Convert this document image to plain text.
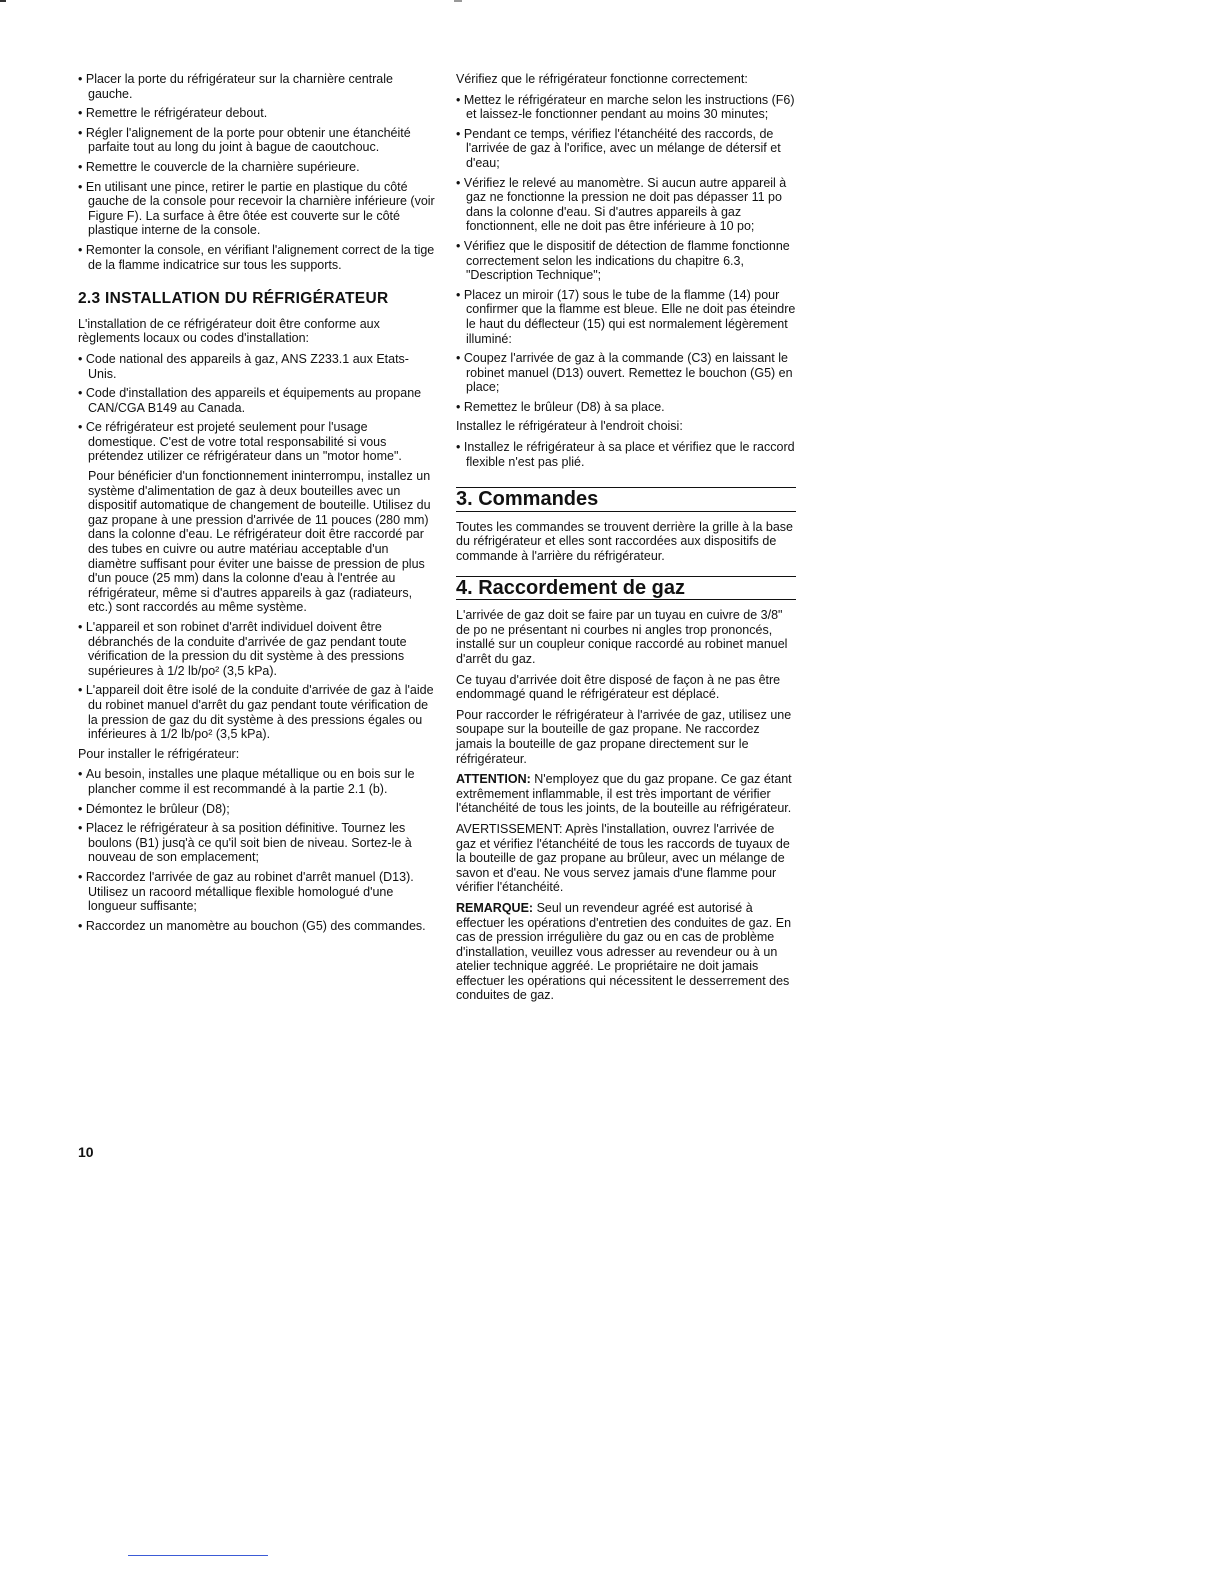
• Placer la porte du réfrigérateur sur la charnière centrale gauche.
• Remettre le réfrigérateur debout.
• Régler l'alignement de la porte pour obtenir une étanchéité parfaite tout au long du joint à bague de caoutchouc.
• Remettre le couvercle de la charnière supérieure.
• En utilisant une pince, retirer le partie en plastique du côté gauche de la console pour recevoir la charnière inférieure (voir Figure F). La surface à être ôtée est couverte sur le côté plastique interne de la console.
• Remonter la console, en vérifiant l'alignement correct de la tige de la flamme indicatrice sur tous les supports.
2.3 INSTALLATION DU RÉFRIGÉRATEUR

L'installation de ce réfrigérateur doit être conforme aux règlements locaux ou codes d'installation:

• Code national des appareils à gaz, ANS Z233.1 aux Etats-Unis.
• Code d'installation des appareils et équipements au propane CAN/CGA B149 au Canada.
• Ce réfrigérateur est projeté seulement pour l'usage domestique. C'est de votre total responsabilité si vous prétendez utilizer ce réfrigérateur dans un "motor home".
Pour bénéficier d'un fonctionnement ininterrompu, installez un système d'alimentation de gaz à deux bouteilles avec un dispositif automatique de changement de bouteille. Utilisez du gaz propane à une pression d'arrivée de 11 pouces (280 mm) dans la colonne d'eau. Le réfrigérateur doit être raccordé par des tubes en cuivre ou autre matériau acceptable d'un diamètre suffisant pour éviter une baisse de pression de plus d'un pouce (25 mm) dans la colonne d'eau à l'entrée au réfrigérateur, même si d'autres appareils à gaz (radiateurs, etc.) sont raccordés au même système.
• L'appareil et son robinet d'arrêt individuel doivent être débranchés de la conduite d'arrivée de gaz pendant toute vérification de la pression du dit système à des pressions supérieures à 1/2 lb/po² (3,5 kPa).
• L'appareil doit être isolé de la conduite d'arrivée de gaz à l'aide du robinet manuel d'arrêt du gaz pendant toute vérification de la pression de gaz du dit système à des pressions égales ou inférieures à 1/2 lb/po² (3,5 kPa).

Pour installer le réfrigérateur:

• Au besoin, installes une plaque métallique ou en bois sur le plancher comme il est recommandé à la partie 2.1 (b).
• Démontez le brûleur (D8);
• Placez le réfrigérateur à sa position définitive. Tournez les boulons (B1) jusq'à ce qu'il soit bien de niveau. Sortez-le à nouveau de son emplacement;
• Raccordez l'arrivée de gaz au robinet d'arrêt manuel (D13). Utilisez un racoord métallique flexible homologué d'une longueur suffisante;
• Raccordez un manomètre au bouchon (G5) des commandes.

Vérifiez que le réfrigérateur fonctionne correctement:

• Mettez le réfrigérateur en marche selon les instructions (F6) et laissez-le fonctionner pendant au moins 30 minutes;
• Pendant ce temps, vérifiez l'étanchéité des raccords, de l'arrivée de gaz à l'orifice, avec un mélange de détersif et d'eau;
• Vérifiez le relevé au manomètre. Si aucun autre appareil à gaz ne fonctionne la pression ne doit pas dépasser 11 po dans la colonne d'eau. Si d'autres appareils à gaz fonctionnent, elle ne doit pas être inférieure à 10 po;
• Vérifiez que le dispositif de détection de flamme fonctionne correctement selon les indications du chapitre 6.3, "Description Technique";
• Placez un miroir (17) sous le tube de la flamme (14) pour confirmer que la flamme est bleue. Elle ne doit pas éteindre le haut du déflecteur (15) qui est normalement légèrement illuminé:
• Coupez l'arrivée de gaz à la commande (C3) en laissant le robinet manuel (D13) ouvert. Remettez le bouchon (G5) en place;
• Remettez le brûleur (D8) à sa place.

Installez le réfrigérateur à l'endroit choisi:

• Installez le réfrigérateur à sa place et vérifiez que le raccord flexible n'est pas plié.
3. Commandes

Toutes les commandes se trouvent derrière la grille à la base du réfrigérateur et elles sont raccordées aux dispositifs de commande à l'arrière du réfrigérateur.

4. Raccordement de gaz

L'arrivée de gaz doit se faire par un tuyau en cuivre de 3/8" de po ne présentant ni courbes ni angles trop prononcés, installé sur un coupleur conique raccordé au robinet manuel d'arrêt du gaz.

Ce tuyau d'arrivée doit être disposé de façon à ne pas être endommagé quand le réfrigérateur est déplacé.

Pour raccorder le réfrigérateur à l'arrivée de gaz, utilisez une soupape sur la bouteille de gaz propane. Ne raccordez jamais la bouteille de gaz propane directement sur le réfrigérateur.

ATTENTION: N'employez que du gaz propane. Ce gaz étant extrêmement inflammable, il est très important de vérifier l'étanchéité de tous les joints, de la bouteille au réfrigérateur.

AVERTISSEMENT: Après l'installation, ouvrez l'arrivée de gaz et vérifiez l'étanchéité de tous les raccords de tuyaux de la bouteille de gaz propane au brûleur, avec un mélange de savon et d'eau. Ne vous servez jamais d'une flamme pour vérifier l'étanchéité.

REMARQUE: Seul un revendeur agréé est autorisé à effectuer les opérations d'entretien des conduites de gaz. En cas de pression irrégulière du gaz ou en cas de problème d'installation, veuillez vous adresser au revendeur ou à un atelier technique aggréé. Le propriétaire ne doit jamais effectuer les opérations qui nécessitent le desserrement des conduites de gaz.

10
